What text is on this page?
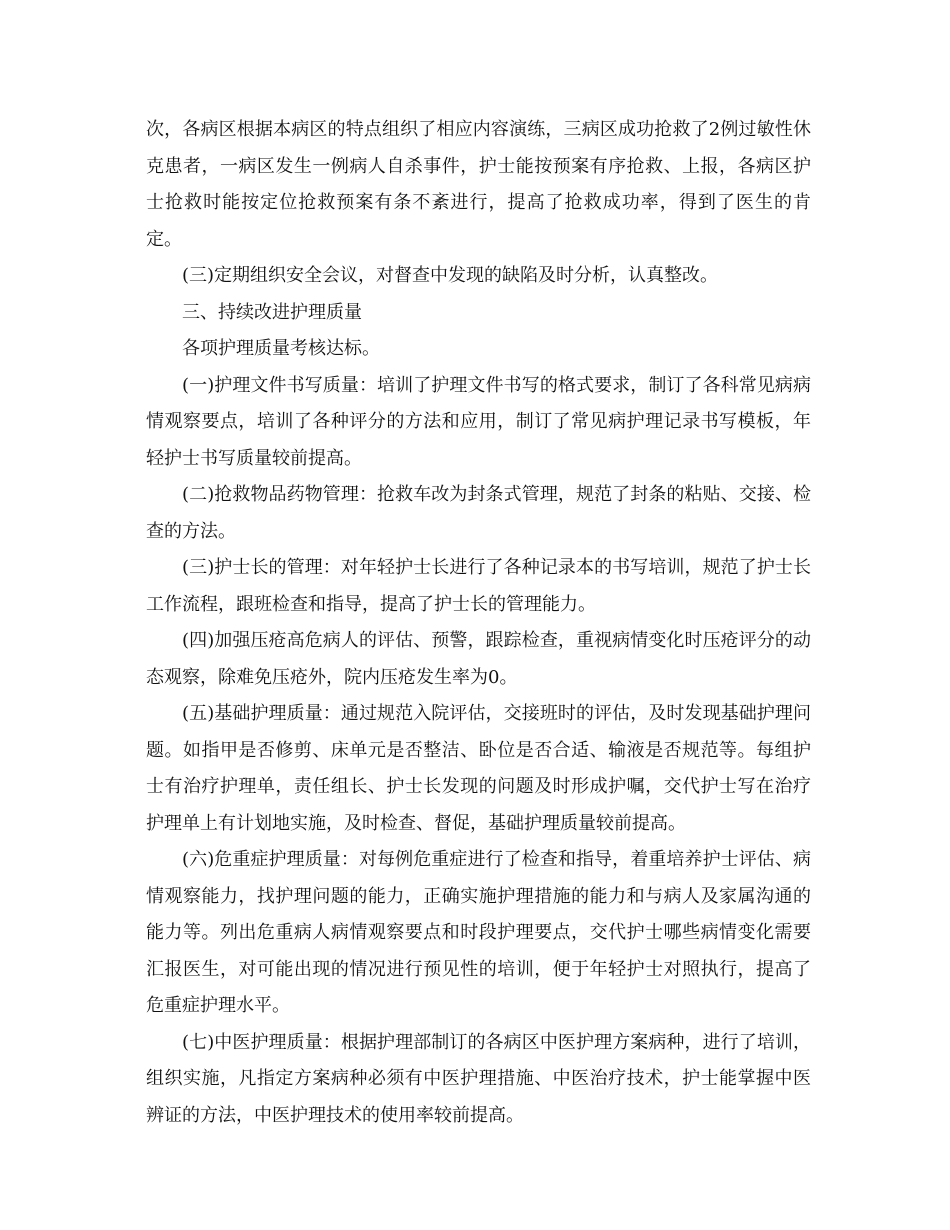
次，各病区根据本病区的特点组织了相应内容演练，三病区成功抢救了2例过敏性休克患者，一病区发生一例病人自杀事件，护士能按预案有序抢救、上报，各病区护士抢救时能按定位抢救预案有条不紊进行，提高了抢救成功率，得到了医生的肯定。

(三)定期组织安全会议，对督查中发现的缺陷及时分析，认真整改。

三、持续改进护理质量

各项护理质量考核达标。

(一)护理文件书写质量：培训了护理文件书写的格式要求，制订了各科常见病病情观察要点，培训了各种评分的方法和应用，制订了常见病护理记录书写模板，年轻护士书写质量较前提高。

(二)抢救物品药物管理：抢救车改为封条式管理，规范了封条的粘贴、交接、检查的方法。

(三)护士长的管理：对年轻护士长进行了各种记录本的书写培训，规范了护士长工作流程，跟班检查和指导，提高了护士长的管理能力。

(四)加强压疮高危病人的评估、预警，跟踪检查，重视病情变化时压疮评分的动态观察，除难免压疮外，院内压疮发生率为0。

(五)基础护理质量：通过规范入院评估，交接班时的评估，及时发现基础护理问题。如指甲是否修剪、床单元是否整洁、卧位是否合适、输液是否规范等。每组护士有治疗护理单，责任组长、护士长发现的问题及时形成护嘱，交代护士写在治疗护理单上有计划地实施，及时检查、督促，基础护理质量较前提高。

(六)危重症护理质量：对每例危重症进行了检查和指导，着重培养护士评估、病情观察能力，找护理问题的能力，正确实施护理措施的能力和与病人及家属沟通的能力等。列出危重病人病情观察要点和时段护理要点，交代护士哪些病情变化需要汇报医生，对可能出现的情况进行预见性的培训，便于年轻护士对照执行，提高了危重症护理水平。

(七)中医护理质量：根据护理部制订的各病区中医护理方案病种，进行了培训，组织实施，凡指定方案病种必须有中医护理措施、中医治疗技术，护士能掌握中医辨证的方法，中医护理技术的使用率较前提高。
